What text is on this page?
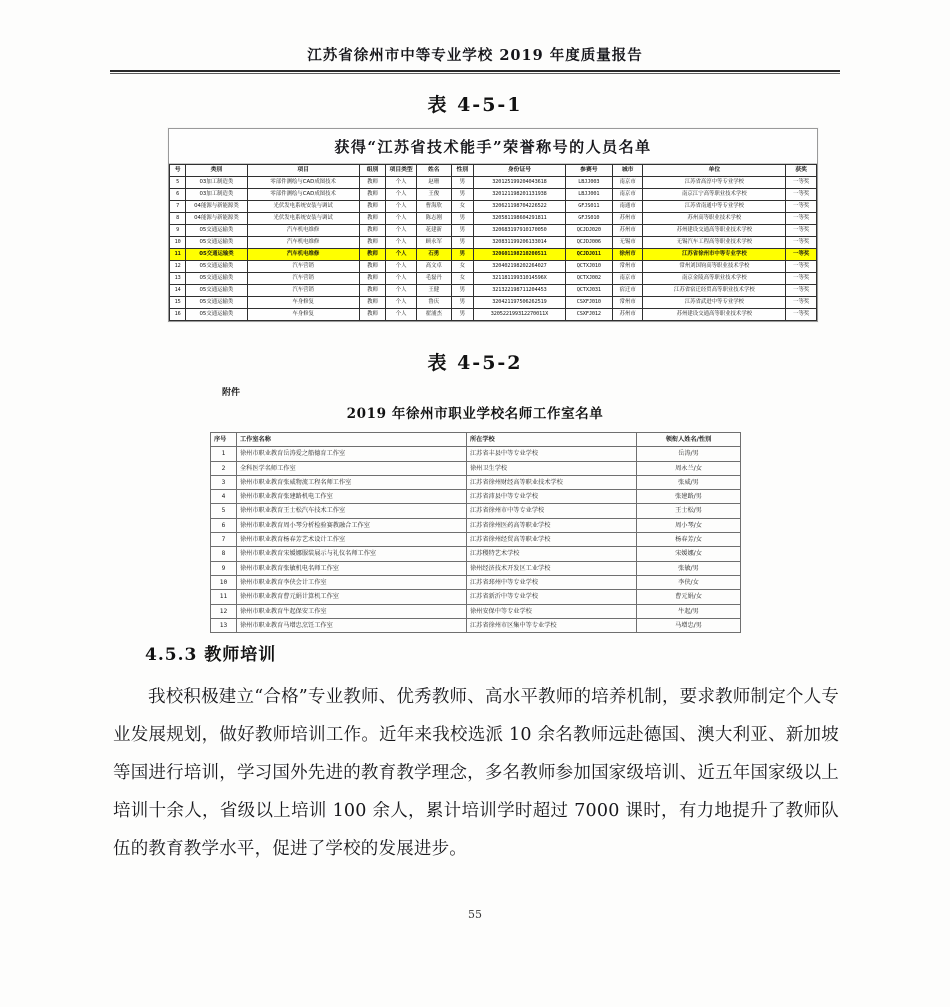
江苏省徐州市中等专业学校 2019 年度质量报告
表 4-5-1
获得“江苏省技术能手”荣誉称号的人员名单
号	类别	项目	组别	项目类型	姓名	性别	身份证号	参赛号	城市	单位	获奖
5	03加工制造类	零部件测绘与CAD成图技术	教师	个人	赵珊	男	320125199204043618	LBJJ003	南京市	江苏省高淳中等专业学校	一等奖
6	03加工制造类	零部件测绘与CAD成图技术	教师	个人	王俊	男	320121198201131938	LBJJ001	南京市	南京江宁高等职业技术学校	一等奖
7	04能源与新能源类	光伏发电系统安装与调试	教师	个人	曹海欣	女	320621198704226522	GFJS011	南通市	江苏省南通中等专业学校	一等奖
8	04能源与新能源类	光伏发电系统安装与调试	教师	个人	陈志刚	男	320581198604291811	GFJS010	苏州市	苏州高等职业技术学校	一等奖
9	05交通运输类	汽车机电维修	教师	个人	花建新	男	320683197910170050	QCJDJ020	苏州市	苏州建设交通高等职业技术学校	一等奖
10	05交通运输类	汽车机电维修	教师	个人	顾永军	男	320831199206133014	QCJDJ006	无锡市	无锡汽车工程高等职业技术学校	一等奖
11	05交通运输类	汽车机电维修	教师	个人	石勇	男	320601198210200511	QCJDJ011	徐州市	江苏省徐州市中等专业学校	一等奖
12	05交通运输类	汽车营销	教师	个人	高文卓	女	320402198202264027	QCTXJ010	常州市	常州刘国钧高等职业技术学校	一等奖
13	05交通运输类	汽车营销	教师	个人	毛磊丹	女	32118119931014596X	QCTXJ002	南京市	南京金陵高等职业技术学校	一等奖
14	05交通运输类	汽车营销	教师	个人	王健	男	321322198711204453	QCTXJ031	宿迁市	江苏省宿迁经贸高等职业技术学校	一等奖
15	05交通运输类	车身修复	教师	个人	鲁庆	男	320421197506262519	CSXFJ010	常州市	江苏省武进中等专业学校	一等奖
16	05交通运输类	车身修复	教师	个人	翟浦杰	男	320522199312270011X	CSXFJ012	苏州市	苏州建设交通高等职业技术学校	一等奖
表 4-5-2
附件
2019 年徐州市职业学校名师工作室名单
序号	工作室名称	所在学校	领衔人姓名/性别
1	徐州市职业教育岳涛爱之船德育工作室	江苏省丰县中等专业学校	岳涛/男
2	全科医学名师工作室	徐州卫生学校	周永兰/女
3	徐州市职业教育张威物流工程名师工作室	江苏省徐州财经高等职业技术学校	张威/男
4	徐州市职业教育张建路机电工作室	江苏省沛县中等专业学校	张建路/男
5	徐州市职业教育王士松汽车技术工作室	江苏省徐州市中等专业学校	王士松/男
6	徐州市职业教育周小琴分析检验赛教融合工作室	江苏省徐州医药高等职业学校	周小琴/女
7	徐州市职业教育杨春芳艺术设计工作室	江苏省徐州经贸高等职业学校	杨春芳/女
8	徐州市职业教育宋媛娜服装展示与礼仪名师工作室	江苏稷特艺术学校	宋媛娜/女
9	徐州市职业教育张敏机电名师工作室	徐州经济技术开发区工业学校	张敏/男
10	徐州市职业教育李侠会计工作室	江苏省邳州中等专业学校	李侠/女
11	徐州市职业教育曹元娟计算机工作室	江苏省新沂中等专业学校	曹元娟/女
12	徐州市职业教育牛起保安工作室	徐州安保中等专业学校	牛起/男
13	徐州市职业教育马增忠烹饪工作室	江苏省徐州市区集中等专业学校	马增忠/男
4.5.3 教师培训
我校积极建立“合格”专业教师、优秀教师、高水平教师的培养机制，要求教师制定个人专业发展规划，做好教师培训工作。近年来我校选派 10 余名教师远赴德国、澳大利亚、新加坡等国进行培训，学习国外先进的教育教学理念，多名教师参加国家级培训、近五年国家级以上培训十余人，省级以上培训 100 余人，累计培训学时超过 7000 课时，有力地提升了教师队伍的教育教学水平，促进了学校的发展进步。
55
